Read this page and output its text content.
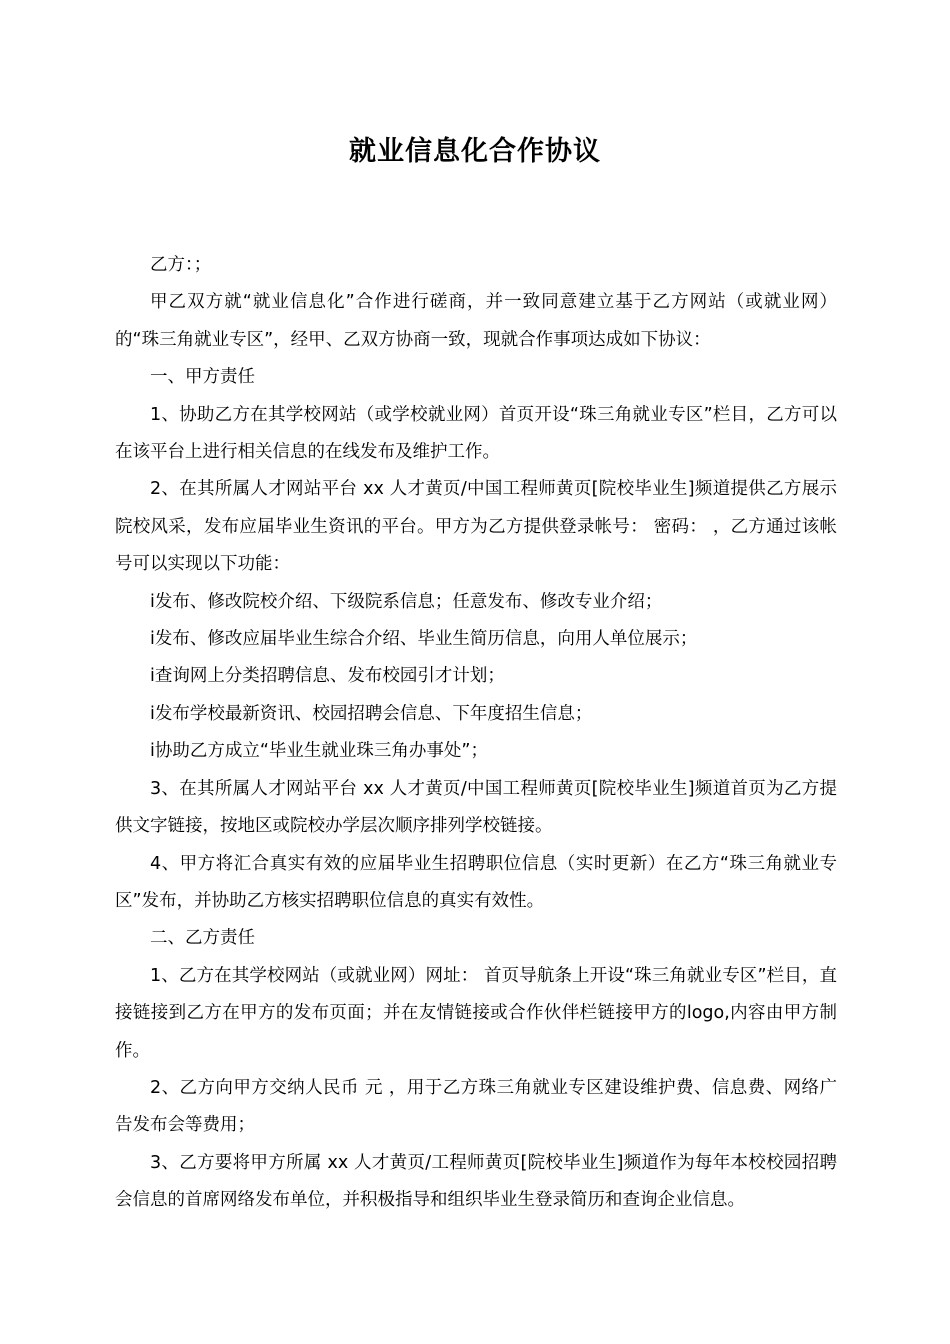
就业信息化合作协议

乙方：；

甲乙双方就“就业信息化”合作进行磋商，并一致同意建立基于乙方网站（或就业网）的“珠三角就业专区”，经甲、乙双方协商一致，现就合作事项达成如下协议：

一、甲方责任

1、协助乙方在其学校网站（或学校就业网）首页开设“珠三角就业专区”栏目，乙方可以在该平台上进行相关信息的在线发布及维护工作。

2、在其所属人才网站平台 xx 人才黄页/中国工程师黄页[院校毕业生]频道提供乙方展示院校风采，发布应届毕业生资讯的平台。甲方为乙方提供登录帐号： 密码： ，乙方通过该帐号可以实现以下功能：

ⅰ发布、修改院校介绍、下级院系信息；任意发布、修改专业介绍；

ⅰ发布、修改应届毕业生综合介绍、毕业生简历信息，向用人单位展示；

ⅰ查询网上分类招聘信息、发布校园引才计划；

ⅰ发布学校最新资讯、校园招聘会信息、下年度招生信息；

ⅰ协助乙方成立“毕业生就业珠三角办事处”；

3、在其所属人才网站平台 xx 人才黄页/中国工程师黄页[院校毕业生]频道首页为乙方提供文字链接，按地区或院校办学层次顺序排列学校链接。

4、甲方将汇合真实有效的应届毕业生招聘职位信息（实时更新）在乙方“珠三角就业专区”发布，并协助乙方核实招聘职位信息的真实有效性。

二、乙方责任

1、乙方在其学校网站（或就业网）网址： 首页导航条上开设“珠三角就业专区”栏目，直接链接到乙方在甲方的发布页面；并在友情链接或合作伙伴栏链接甲方的logo,内容由甲方制作。

2、乙方向甲方交纳人民币 元 ，用于乙方珠三角就业专区建设维护费、信息费、网络广告发布会等费用；

3、乙方要将甲方所属 xx 人才黄页/工程师黄页[院校毕业生]频道作为每年本校校园招聘会信息的首席网络发布单位，并积极指导和组织毕业生登录简历和查询企业信息。
